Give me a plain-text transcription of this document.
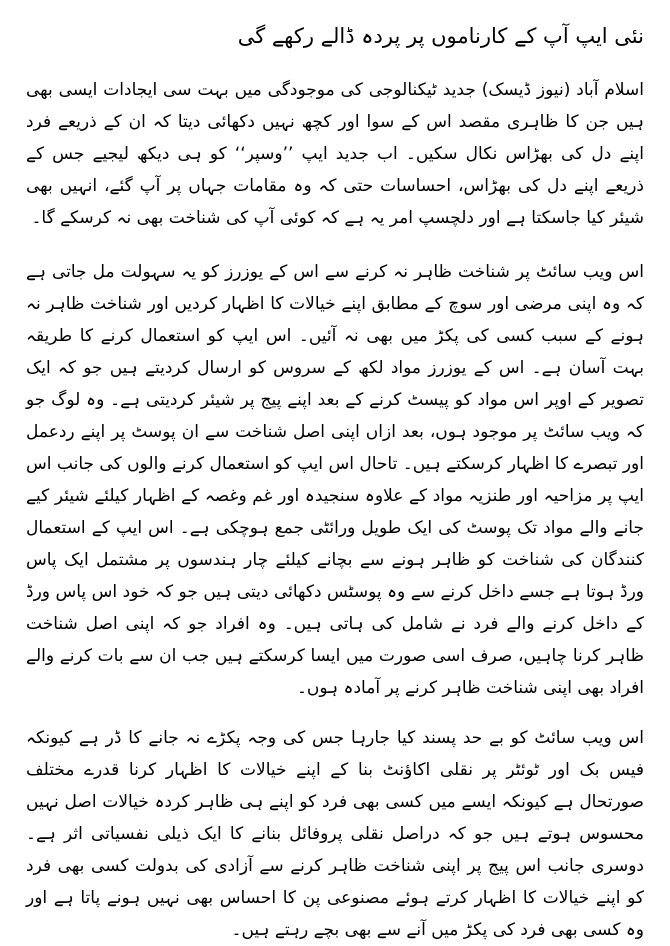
نئی ایپ آپ کے کارناموں پر پردہ ڈالے رکھے گی

اسلام آباد (نیوز ڈیسک) جدید ٹیکنالوجی کی موجودگی میں بہت سی ایجادات ایسی بھی ہیں جن کا ظاہری مقصد اس کے سوا اور کچھ نہیں دکھائی دیتا کہ ان کے ذریعے فرد اپنے دل کی بھڑاس نکال سکیں۔ اب جدید ایپ ’’وسپر‘‘ کو ہی دیکھ لیجیے جس کے ذریعے اپنے دل کی بھڑاس، احساسات حتی کہ وہ مقامات جہاں پر آپ گئے، انہیں بھی شیئر کیا جاسکتا ہے اور دلچسپ امر یہ ہے کہ کوئی آپ کی شناخت بھی نہ کرسکے گا۔

اس ویب سائٹ پر شناخت ظاہر نہ کرنے سے اس کے یوزرز کو یہ سہولت مل جاتی ہے کہ وہ اپنی مرضی اور سوچ کے مطابق اپنے خیالات کا اظہار کردیں اور شناخت ظاہر نہ ہونے کے سبب کسی کی پکڑ میں بھی نہ آئیں۔ اس ایپ کو استعمال کرنے کا طریقہ بہت آسان ہے۔ اس کے یوزرز مواد لکھ کے سروس کو ارسال کردیتے ہیں جو کہ ایک تصویر کے اوپر اس مواد کو پیسٹ کرنے کے بعد اپنے پیج پر شیئر کردیتی ہے۔ وہ لوگ جو کہ ویب سائٹ پر موجود ہوں، بعد ازاں اپنی اصل شناخت سے ان پوسٹ پر اپنے ردعمل اور تبصرے کا اظہار کرسکتے ہیں۔ تاحال اس ایپ کو استعمال کرنے والوں کی جانب اس ایپ پر مزاحیہ اور طنزیہ مواد کے علاوہ سنجیدہ اور غم وغصہ کے اظہار کیلئے شیئر کیے جانے والے مواد تک پوسٹ کی ایک طویل ورائٹی جمع ہوچکی ہے۔ اس ایپ کے استعمال کنندگان کی شناخت کو ظاہر ہونے سے بچانے کیلئے چار ہندسوں پر مشتمل ایک پاس ورڈ ہوتا ہے جسے داخل کرنے سے وہ پوسٹس دکھائی دیتی ہیں جو کہ خود اس پاس ورڈ کے داخل کرنے والے فرد نے شامل کی ہاتی ہیں۔ وہ افراد جو کہ اپنی اصل شناخت ظاہر کرنا چاہیں، صرف اسی صورت میں ایسا کرسکتے ہیں جب ان سے بات کرنے والے افراد بھی اپنی شناخت ظاہر کرنے پر آمادہ ہوں۔

اس ویب سائٹ کو بے حد پسند کیا جارہا جس کی وجہ پکڑے نہ جانے کا ڈر ہے کیونکہ فیس بک اور ٹوئٹر پر نقلی اکاؤنٹ بنا کے اپنے خیالات کا اظہار کرنا قدرے مختلف صورتحال ہے کیونکہ ایسے میں کسی بھی فرد کو اپنے ہی ظاہر کردہ خیالات اصل نہیں محسوس ہوتے ہیں جو کہ دراصل نقلی پروفائل بنانے کا ایک ذیلی نفسیاتی اثر ہے۔ دوسری جانب اس پیج پر اپنی شناخت ظاہر کرنے سے آزادی کی بدولت کسی بھی فرد کو اپنے خیالات کا اظہار کرتے ہوئے مصنوعی پن کا احساس بھی نہیں ہونے پاتا ہے اور وہ کسی بھی فرد کی پکڑ میں آنے سے بھی بچے رہتے ہیں۔
